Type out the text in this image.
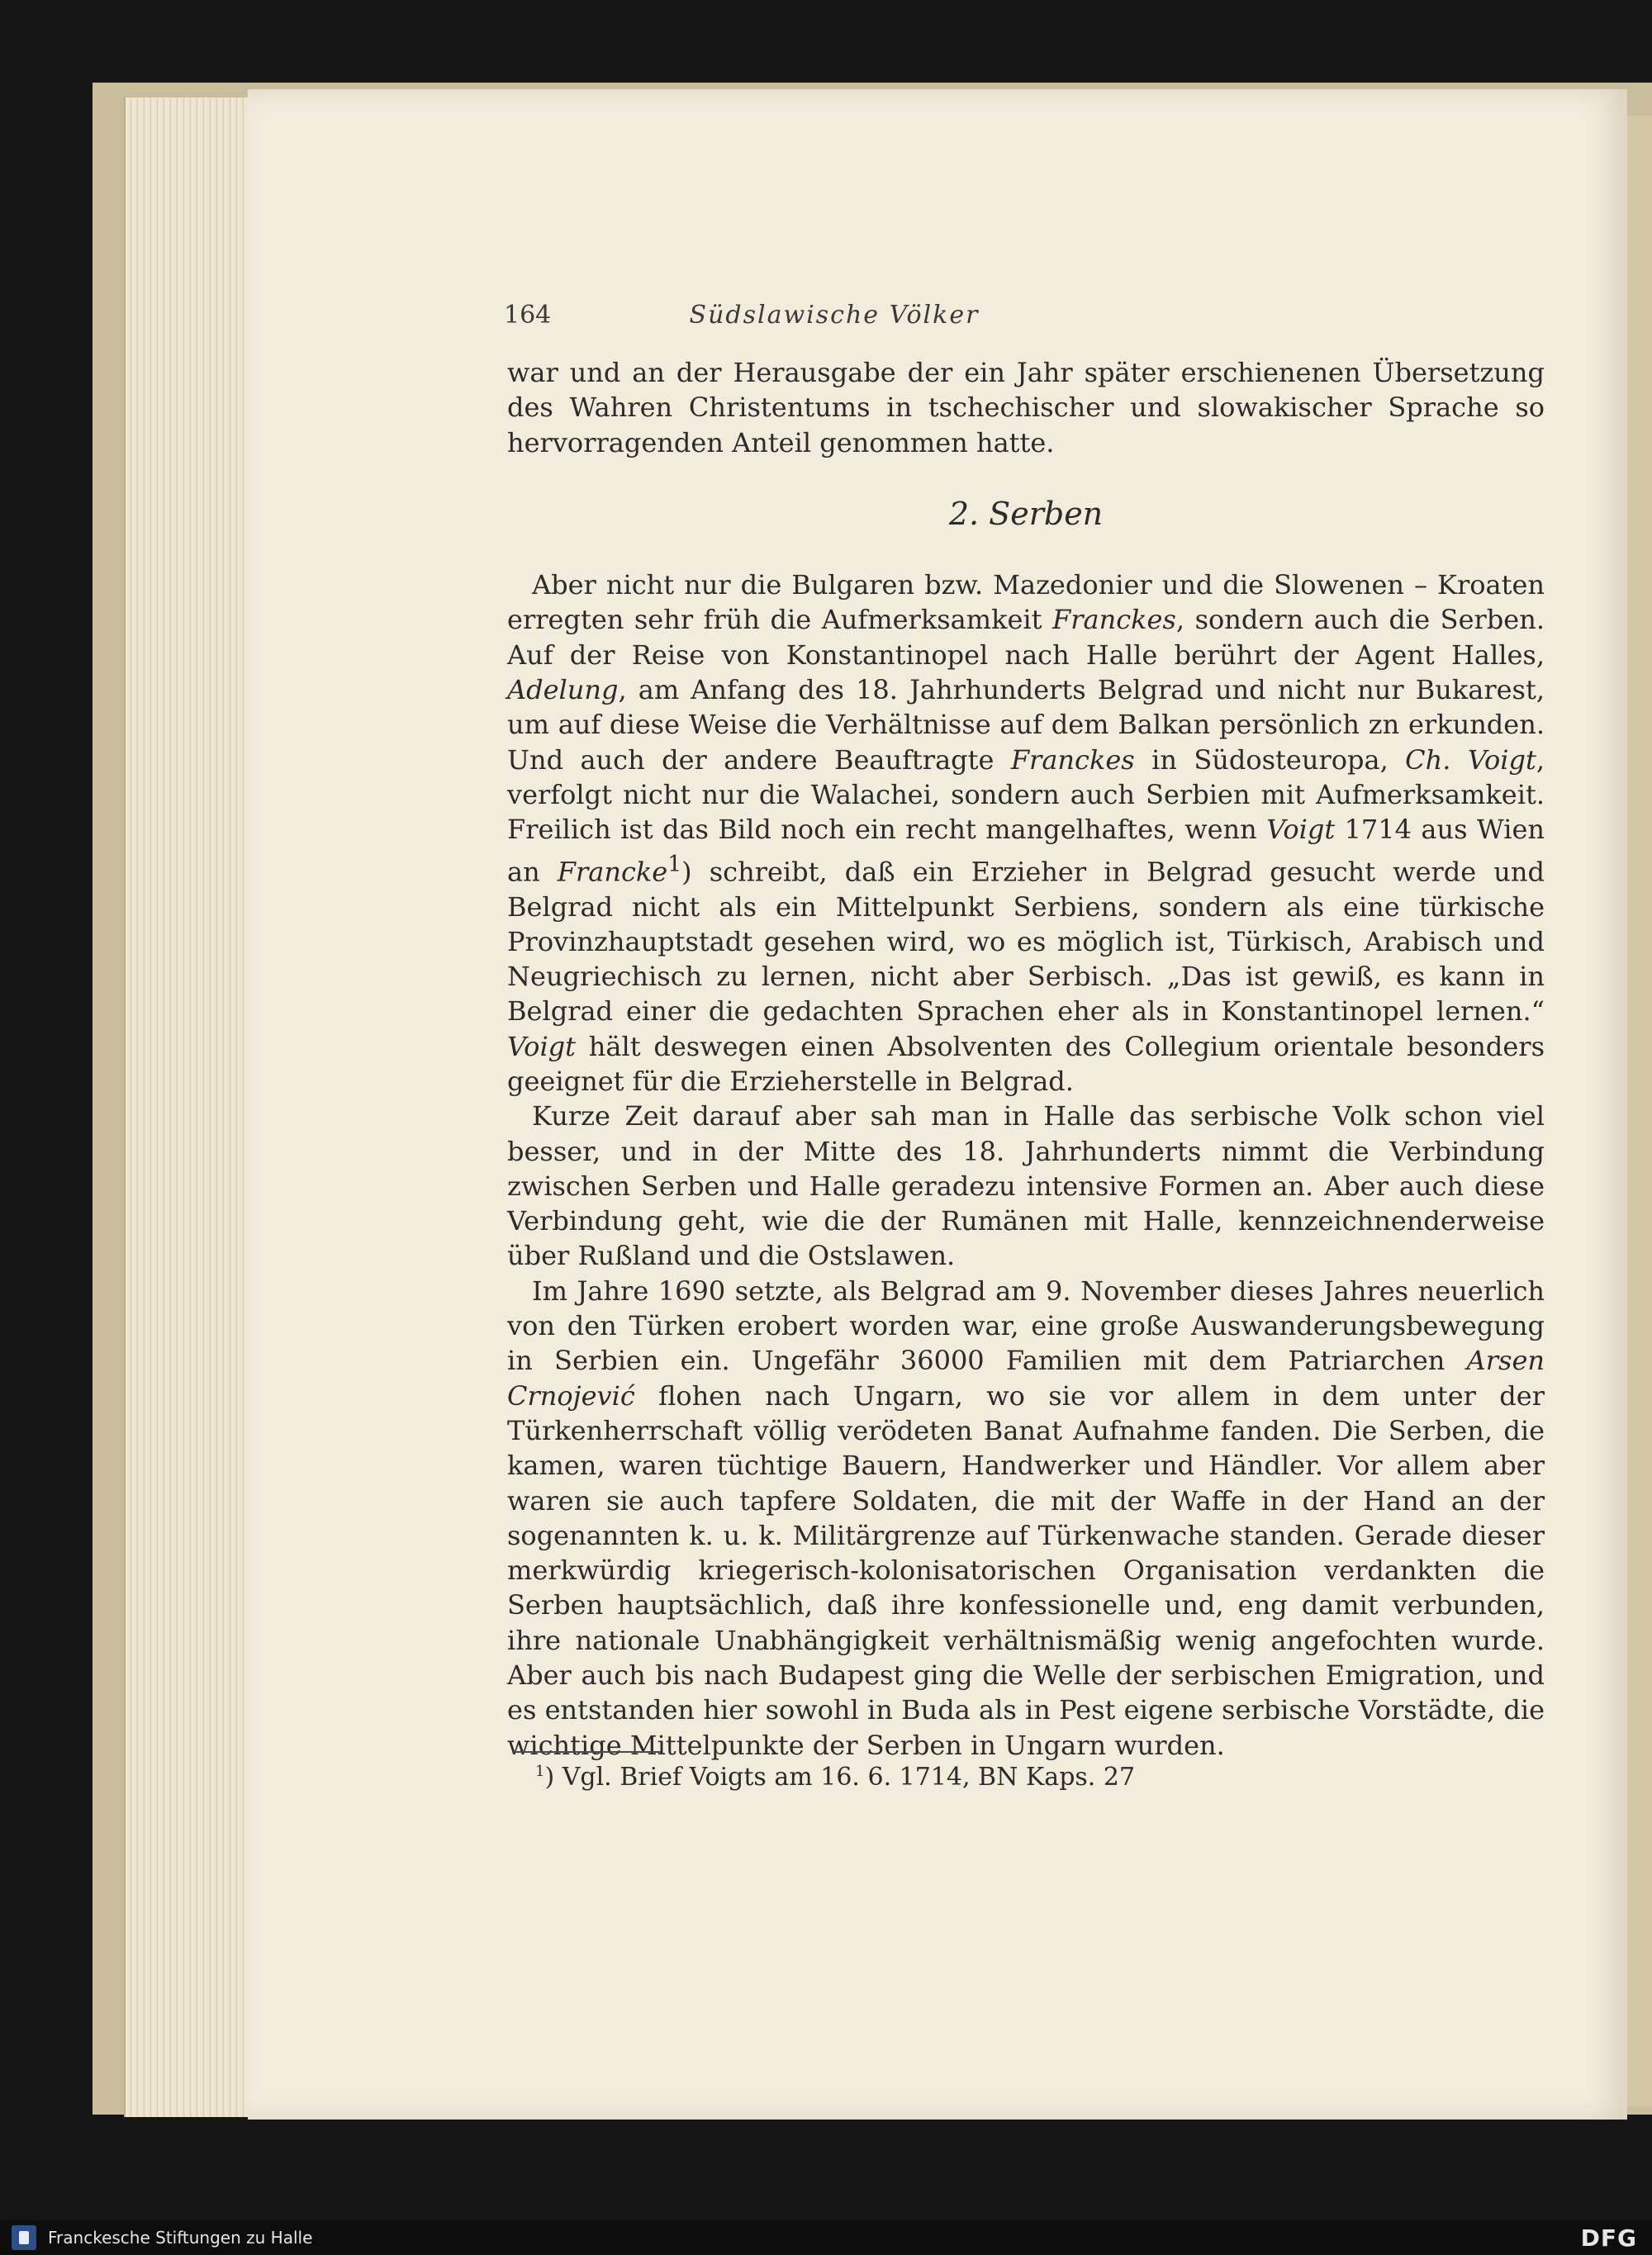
164	Südslawische Völker

war und an der Herausgabe der ein Jahr später erschienenen Übersetzung des Wahren Christentums in tschechischer und slowakischer Sprache so hervorragenden Anteil genommen hatte.

2. Serben

Aber nicht nur die Bulgaren bzw. Mazedonier und die Slowenen – Kroaten erregten sehr früh die Aufmerksamkeit Franckes, sondern auch die Serben. Auf der Reise von Konstantinopel nach Halle berührt der Agent Halles, Adelung, am Anfang des 18. Jahrhunderts Belgrad und nicht nur Bukarest, um auf diese Weise die Verhältnisse auf dem Balkan persönlich zn erkunden. Und auch der andere Beauftragte Franckes in Südosteuropa, Ch. Voigt, verfolgt nicht nur die Walachei, sondern auch Serbien mit Aufmerksamkeit. Freilich ist das Bild noch ein recht mangelhaftes, wenn Voigt 1714 aus Wien an Francke$^1$) schreibt, daß ein Erzieher in Belgrad gesucht werde und Belgrad nicht als ein Mittelpunkt Serbiens, sondern als eine türkische Provinzhauptstadt gesehen wird, wo es möglich ist, Türkisch, Arabisch und Neugriechisch zu lernen, nicht aber Serbisch. „Das ist gewiß, es kann in Belgrad einer die gedachten Sprachen eher als in Konstantinopel lernen.“ Voigt hält deswegen einen Absolventen des Collegium orientale besonders geeignet für die Erzieherstelle in Belgrad.

Kurze Zeit darauf aber sah man in Halle das serbische Volk schon viel besser, und in der Mitte des 18. Jahrhunderts nimmt die Verbindung zwischen Serben und Halle geradezu intensive Formen an. Aber auch diese Verbindung geht, wie die der Rumänen mit Halle, kennzeichnenderweise über Rußland und die Ostslawen.

Im Jahre 1690 setzte, als Belgrad am 9. November dieses Jahres neuerlich von den Türken erobert worden war, eine große Auswanderungsbewegung in Serbien ein. Ungefähr 36000 Familien mit dem Patriarchen Arsen Crnojević flohen nach Ungarn, wo sie vor allem in dem unter der Türkenherrschaft völlig verödeten Banat Aufnahme fanden. Die Serben, die kamen, waren tüchtige Bauern, Handwerker und Händler. Vor allem aber waren sie auch tapfere Soldaten, die mit der Waffe in der Hand an der sogenannten k. u. k. Militärgrenze auf Türkenwache standen. Gerade dieser merkwürdig kriegerisch-kolonisatorischen Organisation verdankten die Serben hauptsächlich, daß ihre konfessionelle und, eng damit verbunden, ihre nationale Unabhängigkeit verhältnismäßig wenig angefochten wurde. Aber auch bis nach Budapest ging die Welle der serbischen Emigration, und es entstanden hier sowohl in Buda als in Pest eigene serbische Vorstädte, die wichtige Mittelpunkte der Serben in Ungarn wurden.

$^1$) Vgl. Brief Voigts am 16. 6. 1714, BN Kaps. 27
Franckesche Stiftungen zu Halle	DFG
